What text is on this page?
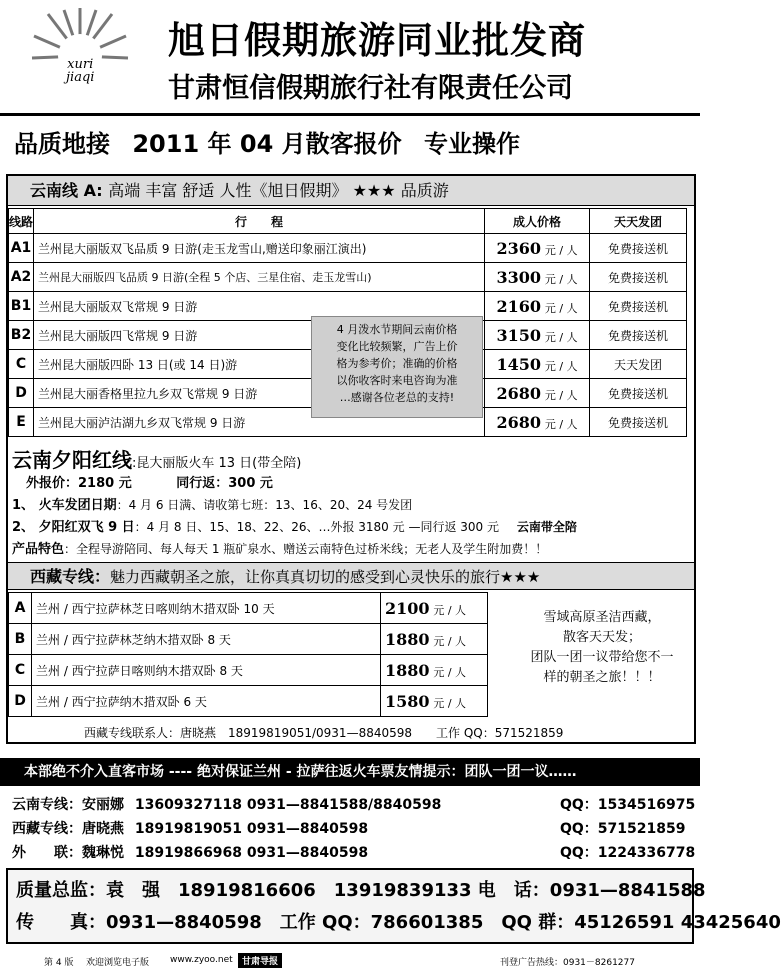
xuri
jiaqi
旭日假期旅游同业批发商
甘肃恒信假期旅行社有限责任公司
品质地接 2011 年 04 月散客报价 专业操作
云南线 A: 高端 丰富 舒适 人性《旭日假期》 ★★★ 品质游
线路	行　　程	成人价格	天天发团
A1	兰州昆大丽版双飞品质 9 日游(走玉龙雪山,赠送印象丽江演出)	2360 元 / 人	免费接送机
A2	兰州昆大丽版四飞品质 9 日游(全程 5 个店、三星住宿、走玉龙雪山)	3300 元 / 人	免费接送机
B1	兰州昆大丽版双飞常规 9 日游	2160 元 / 人	免费接送机
B2	兰州昆大丽版四飞常规 9 日游	3150 元 / 人	免费接送机
C	兰州昆大丽版四卧 13 日(或 14 日)游	1450 元 / 人	天天发团
D	兰州昆大丽香格里拉九乡双飞常规 9 日游	2680 元 / 人	免费接送机
E	兰州昆大丽泸沽湖九乡双飞常规 9 日游	2680 元 / 人	免费接送机
4 月泼水节期间云南价格
变化比较频繁，广告上价
格为参考价；准确的价格
以你收客时来电咨询为准
…感谢各位老总的支持!
云南夕阳红线:昆大丽版火车 13 日(带全陪)
外报价：2180 元	同行返：300 元
1、 火车发团日期：4 月 6 日满、请收第七班：13、16、20、24 号发团
2、 夕阳红双飞 9 日：4 月 8 日、15、18、22、26、…外报 3180 元 —同行返 300 元 云南带全陪
产品特色：全程导游陪同、每人每天 1 瓶矿泉水、赠送云南特色过桥米线；无老人及学生附加费！！
西藏专线：魅力西藏朝圣之旅，让你真真切切的感受到心灵快乐的旅行★★★
A	兰州 / 西宁拉萨林芝日喀则纳木措双卧 10 天	2100 元 / 人
B	兰州 / 西宁拉萨林芝纳木措双卧 8 天	1880 元 / 人
C	兰州 / 西宁拉萨日喀则纳木措双卧 8 天	1880 元 / 人
D	兰州 / 西宁拉萨纳木措双卧 6 天	1580 元 / 人
雪域高原圣洁西藏，
散客天天发；
团队一团一议带给您不一
样的朝圣之旅！！！
西藏专线联系人：唐晓燕　18919819051/0931—8840598　　工作 QQ：571521859
本部绝不介入直客市场 ---- 绝对保证兰州 - 拉萨往返火车票友情提示：团队一团一议……
云南专线：安丽娜 13609327118 0931—8841588/8840598	QQ：1534516975
西藏专线：唐晓燕 18919819051 0931—8840598	QQ：571521859
外　　联：魏琳悦 18919866968 0931—8840598	QQ：1224336778
质量总监：袁　强　18919816606　13919839133 电　话：0931—8841588
传　　真：0931—8840598　工作 QQ：786601385　QQ 群：45126591 43425640
第 4 版 欢迎浏览电子版 www.zyoo.net	甘肃导报	刊登广告热线：0931－8261277
